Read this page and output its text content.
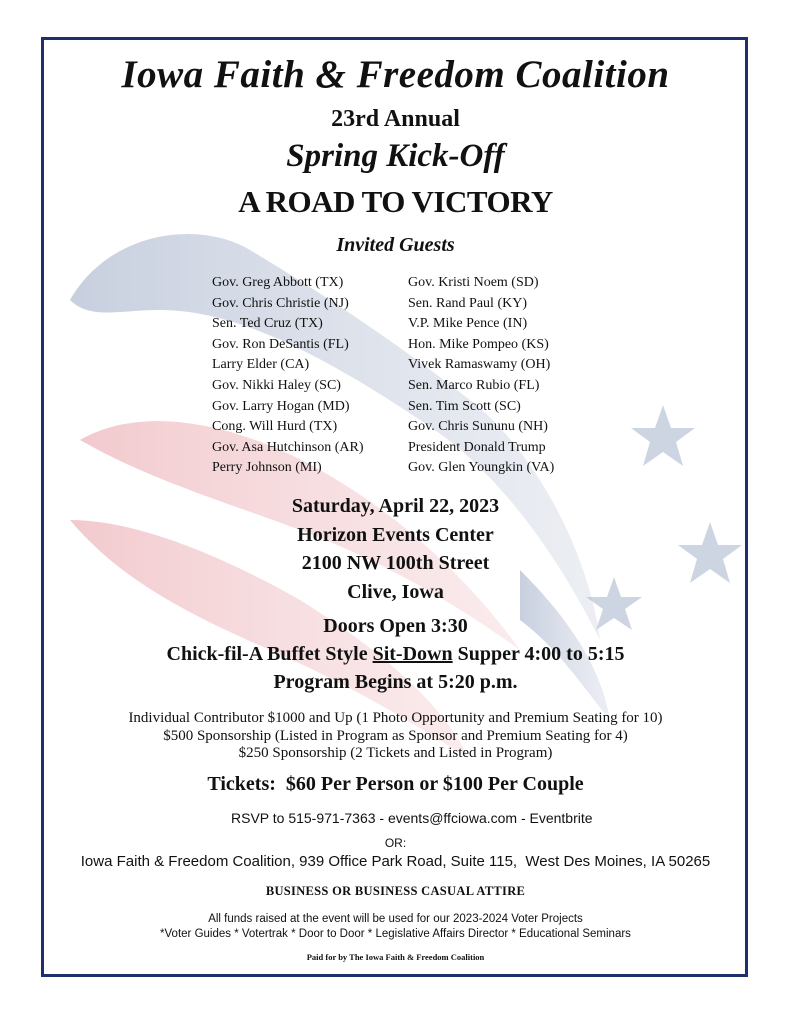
Iowa Faith & Freedom Coalition
23rd Annual
Spring Kick-Off
A ROAD TO VICTORY
Invited Guests
Gov. Greg Abbott (TX)
Gov. Chris Christie (NJ)
Sen. Ted Cruz (TX)
Gov. Ron DeSantis (FL)
Larry Elder (CA)
Gov. Nikki Haley (SC)
Gov. Larry Hogan (MD)
Cong. Will Hurd (TX)
Gov. Asa Hutchinson (AR)
Perry Johnson (MI)
Gov. Kristi Noem (SD)
Sen. Rand Paul (KY)
V.P. Mike Pence (IN)
Hon. Mike Pompeo (KS)
Vivek Ramaswamy (OH)
Sen. Marco Rubio (FL)
Sen. Tim Scott (SC)
Gov. Chris Sununu (NH)
President Donald Trump
Gov. Glen Youngkin (VA)
Saturday, April 22, 2023
Horizon Events Center
2100 NW 100th Street
Clive, Iowa
Doors Open 3:30
Chick-fil-A Buffet Style Sit-Down Supper 4:00 to 5:15
Program Begins at 5:20 p.m.
Individual Contributor $1000 and Up (1 Photo Opportunity and Premium Seating for 10)
$500 Sponsorship (Listed in Program as Sponsor and Premium Seating for 4)
$250 Sponsorship (2 Tickets and Listed in Program)
Tickets:  $60 Per Person or $100 Per Couple
RSVP to 515-971-7363 - events@ffciowa.com - Eventbrite
OR:
Iowa Faith & Freedom Coalition, 939 Office Park Road, Suite 115,  West Des Moines, IA 50265
BUSINESS OR BUSINESS CASUAL ATTIRE
All funds raised at the event will be used for our 2023-2024 Voter Projects
*Voter Guides * Votertrak * Door to Door * Legislative Affairs Director * Educational Seminars
Paid for by The Iowa Faith & Freedom Coalition
